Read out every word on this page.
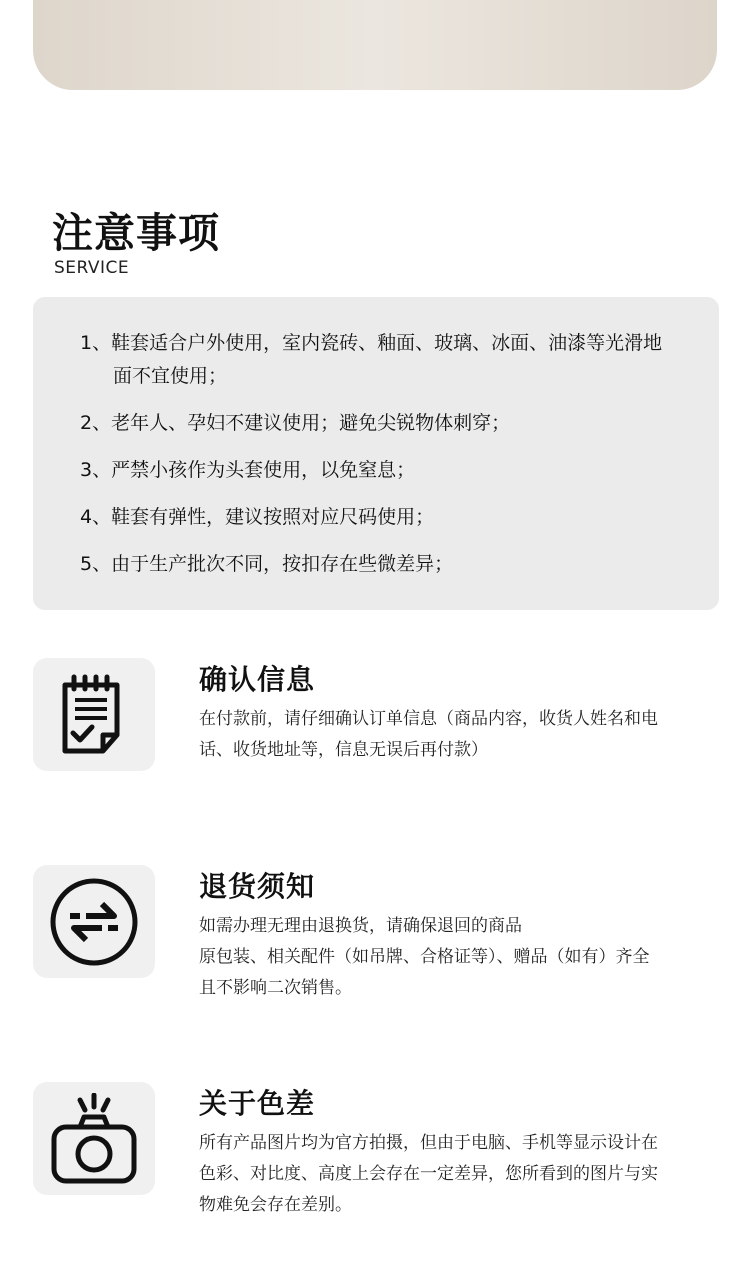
注意事项
SERVICE
1、鞋套适合户外使用，室内瓷砖、釉面、玻璃、冰面、油漆等光滑地面不宜使用；
2、老年人、孕妇不建议使用；避免尖锐物体刺穿；
3、严禁小孩作为头套使用，以免窒息；
4、鞋套有弹性，建议按照对应尺码使用；
5、由于生产批次不同，按扣存在些微差异；
确认信息
在付款前，请仔细确认订单信息（商品内容，收货人姓名和电
话、收货地址等，信息无误后再付款）
退货须知
如需办理无理由退换货，请确保退回的商品
原包装、相关配件（如吊牌、合格证等）、赠品（如有）齐全
且不影响二次销售。
关于色差
所有产品图片均为官方拍摄，但由于电脑、手机等显示设计在
色彩、对比度、高度上会存在一定差异，您所看到的图片与实
物难免会存在差别。
